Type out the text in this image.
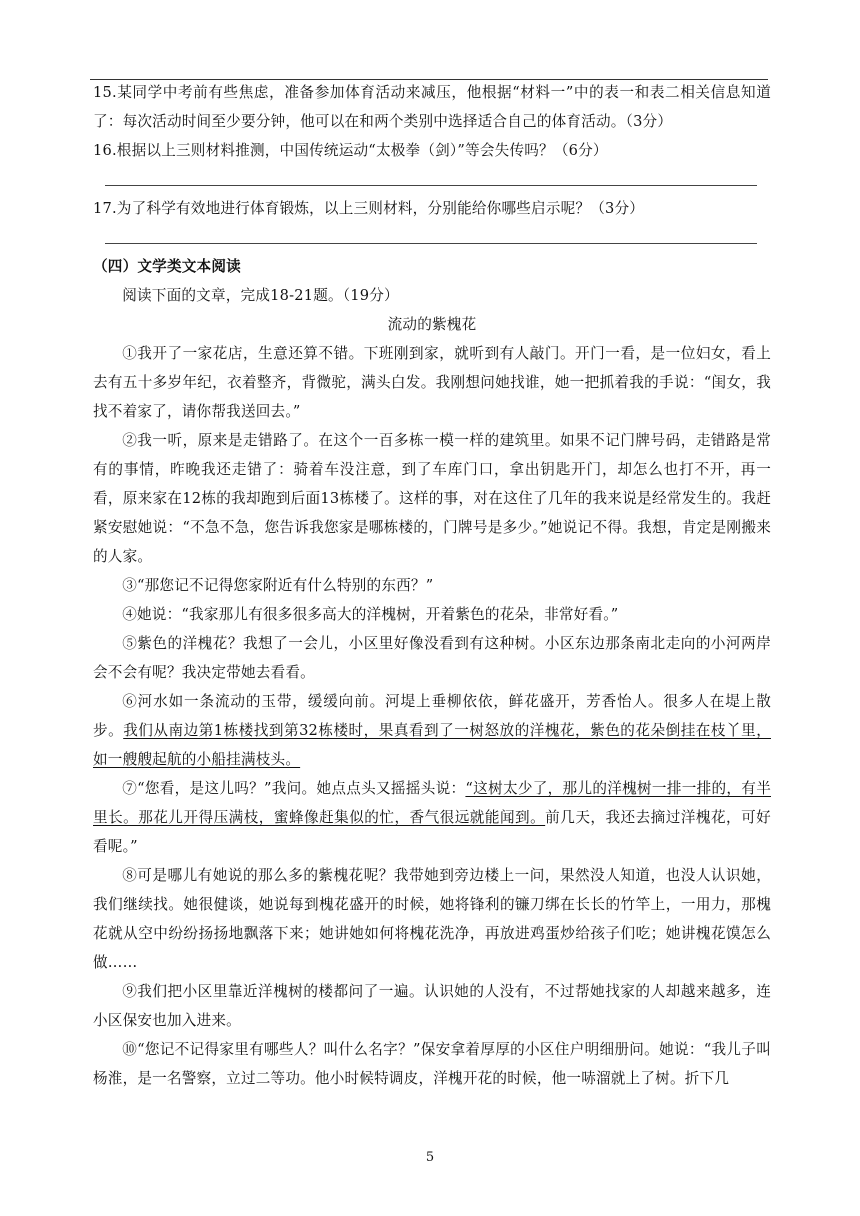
15.某同学中考前有些焦虑，准备参加体育活动来减压，他根据“材料一”中的表一和表二相关信息知道了：每次活动时间至少要分钟，他可以在和两个类别中选择适合自己的体育活动。（3分）

16.根据以上三则材料推测，中国传统运动“太极拳（剑）”等会失传吗？（6分）

17.为了科学有效地进行体育锻炼，以上三则材料，分别能给你哪些启示呢？（3分）

（四）文学类文本阅读

阅读下面的文章，完成18-21题。（19分）

流动的紫槐花

①我开了一家花店，生意还算不错。下班刚到家，就听到有人敲门。开门一看，是一位妇女，看上去有五十多岁年纪，衣着整齐，背微驼，满头白发。我刚想问她找谁，她一把抓着我的手说：“闺女，我找不着家了，请你帮我送回去。”

②我一听，原来是走错路了。在这个一百多栋一模一样的建筑里。如果不记门牌号码，走错路是常有的事情，昨晚我还走错了：骑着车没注意，到了车库门口，拿出钥匙开门，却怎么也打不开，再一看，原来家在12栋的我却跑到后面13栋楼了。这样的事，对在这住了几年的我来说是经常发生的。我赶紧安慰她说：“不急不急，您告诉我您家是哪栋楼的，门牌号是多少。”她说记不得。我想，肯定是刚搬来的人家。

③“那您记不记得您家附近有什么特别的东西？”

④她说：“我家那儿有很多很多高大的洋槐树，开着紫色的花朵，非常好看。”

⑤紫色的洋槐花？我想了一会儿，小区里好像没看到有这种树。小区东边那条南北走向的小河两岸会不会有呢？我决定带她去看看。

⑥河水如一条流动的玉带，缓缓向前。河堤上垂柳依依，鲜花盛开，芳香怡人。很多人在堤上散步。我们从南边第1栋楼找到第32栋楼时，果真看到了一树怒放的洋槐花，紫色的花朵倒挂在枝丫里，如一艘艘起航的小船挂满枝头。

⑦“您看，是这儿吗？”我问。她点点头又摇摇头说：“这树太少了，那儿的洋槐树一排一排的，有半里长。那花儿开得压满枝，蜜蜂像赶集似的忙，香气很远就能闻到。前几天，我还去摘过洋槐花，可好看呢。”

⑧可是哪儿有她说的那么多的紫槐花呢？我带她到旁边楼上一问，果然没人知道，也没人认识她，我们继续找。她很健谈，她说每到槐花盛开的时候，她将锋利的镰刀绑在长长的竹竿上，一用力，那槐花就从空中纷纷扬扬地飘落下来；她讲她如何将槐花洗净，再放进鸡蛋炒给孩子们吃；她讲槐花馍怎么做……

⑨我们把小区里靠近洋槐树的楼都问了一遍。认识她的人没有，不过帮她找家的人却越来越多，连小区保安也加入进来。

⑩“您记不记得家里有哪些人？叫什么名字？”保安拿着厚厚的小区住户明细册问。她说：“我儿子叫杨淮，是一名警察，立过二等功。他小时候特调皮，洋槐开花的时候，他一哧溜就上了树。折下几

5
